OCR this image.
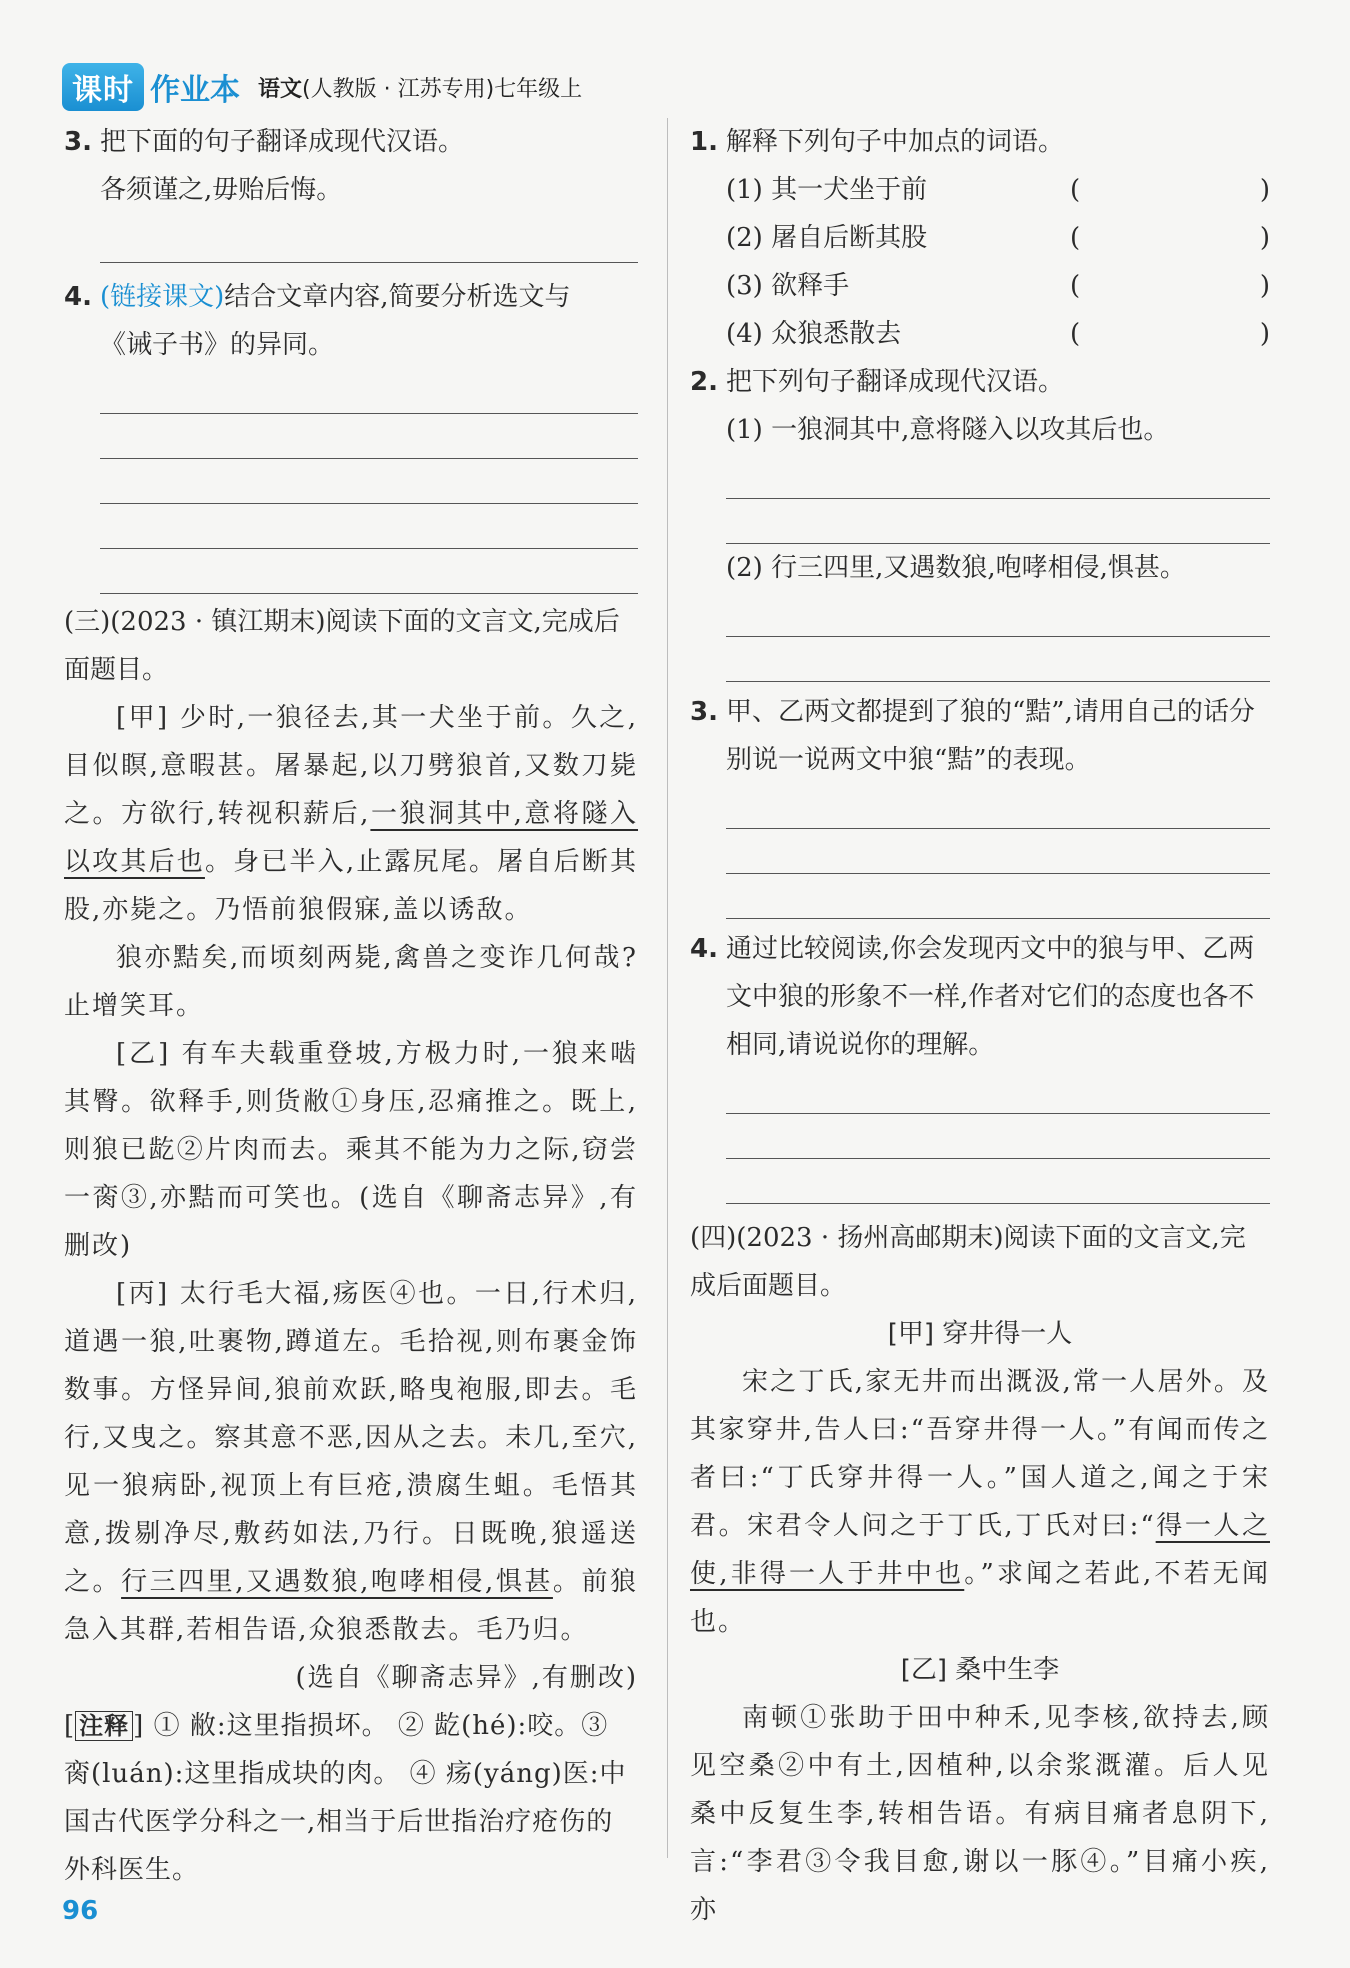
课时 作业本 语文(人教版 · 江苏专用)七年级上
3. 把下面的句子翻译成现代汉语。
各须谨之,毋贻后悔。
4. (链接课文)结合文章内容,简要分析选文与
《诫子书》的异同。
(三)(2023 · 镇江期末)阅读下面的文言文,完成后面题目。
[甲] 少时,一狼径去,其一犬坐于前。久之,目似瞑,意暇甚。屠暴起,以刀劈狼首,又数刀毙之。方欲行,转视积薪后,一狼洞其中,意将隧入以攻其后也。身已半入,止露尻尾。屠自后断其股,亦毙之。乃悟前狼假寐,盖以诱敌。
狼亦黠矣,而顷刻两毙,禽兽之变诈几何哉?止增笑耳。
[乙] 有车夫载重登坡,方极力时,一狼来啮其臀。欲释手,则货敝①身压,忍痛推之。既上,则狼已龁②片肉而去。乘其不能为力之际,窃尝一脔③,亦黠而可笑也。(选自《聊斋志异》,有删改)
[丙] 太行毛大福,疡医④也。一日,行术归,道遇一狼,吐裹物,蹲道左。毛拾视,则布裹金饰数事。方怪异间,狼前欢跃,略曳袍服,即去。毛行,又曳之。察其意不恶,因从之去。未几,至穴,见一狼病卧,视顶上有巨疮,溃腐生蛆。毛悟其意,拨剔净尽,敷药如法,乃行。日既晚,狼遥送之。行三四里,又遇数狼,咆哮相侵,惧甚。前狼急入其群,若相告语,众狼悉散去。毛乃归。
(选自《聊斋志异》,有删改)
[ 注释 ] ① 敝:这里指损坏。 ② 龁(hé):咬。③ 脔(luán):这里指成块的肉。 ④ 疡(yáng)医:中国古代医学分科之一,相当于后世指治疗疮伤的外科医生。
1. 解释下列句子中加点的词语。
(1) 其一犬坐于前	(	)
(2) 屠自后断其股	(	)
(3) 欲释手	(	)
(4) 众狼悉散去	(	)
2. 把下列句子翻译成现代汉语。
(1) 一狼洞其中,意将隧入以攻其后也。
(2) 行三四里,又遇数狼,咆哮相侵,惧甚。
3. 甲、乙两文都提到了狼的“黠”,请用自己的话分别说一说两文中狼“黠”的表现。
4. 通过比较阅读,你会发现丙文中的狼与甲、乙两文中狼的形象不一样,作者对它们的态度也各不相同,请说说你的理解。
(四)(2023 · 扬州高邮期末)阅读下面的文言文,完成后面题目。
[甲] 穿井得一人
宋之丁氏,家无井而出溉汲,常一人居外。及其家穿井,告人曰:“吾穿井得一人。”有闻而传之者曰:“丁氏穿井得一人。”国人道之,闻之于宋君。宋君令人问之于丁氏,丁氏对曰:“得一人之使,非得一人于井中也。”求闻之若此,不若无闻也。
[乙] 桑中生李
南顿①张助于田中种禾,见李核,欲持去,顾见空桑②中有土,因植种,以余浆溉灌。后人见桑中反复生李,转相告语。有病目痛者息阴下,言:“李君③令我目愈,谢以一豚④。”目痛小疾,亦
96
